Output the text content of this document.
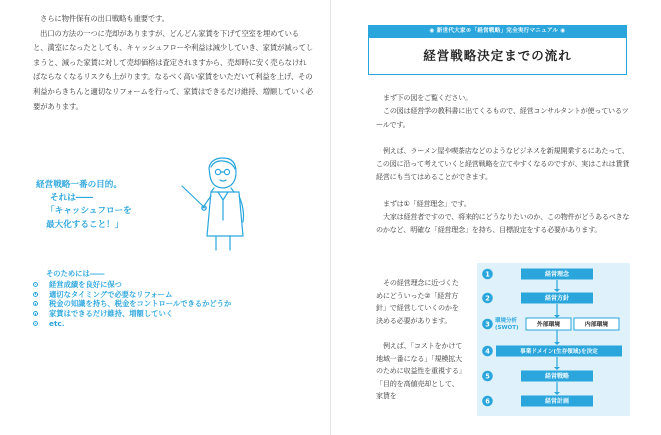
さらに物件保有の出口戦略も重要です。

出口の方法の一つに売却がありますが、どんどん家賃を下げて空室を埋めていると、満室になったとしても、キャッシュフローや利益は減少していき、家賃が減ってしまうと、減った家賃に対して売却価格は査定されますから、売却時に安く売らなければならなくなるリスクも上がります。なるべく高い家賃をいただいて利益を上げ、その利益からきちんと適切なリフォームを行って、家賃はできるだけ維持、増額していく必要があります。

経営戦略一番の目的。
それは――
「キャッシュフローを
最大化すること！」
そのためには――
経営成績を良好に保つ
適切なタイミングで必要なリフォーム
税金の知識を持ち、税金をコントロールできるかどうか
家賃はできるだけ維持、増額していく
etc.
◉ 新世代大家®「経営戦略」完全実行マニュアル ◉
経営戦略決定までの流れ

まず下の図をご覧ください。

この図は経営学の教科書に出てくるもので、経営コンサルタントが使っているツールです。

例えば、ラーメン屋や喫茶店などのようなビジネスを新規開業するにあたって、この図に沿って考えていくと経営戦略を立てやすくなるのですが、実はこれは賃貸経営にも当てはめることができます。

まずは①「経営理念」です。

大家は経営者ですので、将来的にどうなりたいのか、この物件がどうあるべきなのかなど、明確な「経営理念」を持ち、目標設定をする必要があります。

その経営理念に近づくためにどういった②「経営方針」で経営していくのかを決める必要があります。

例えば、「コストをかけて地域一番になる」「規模拡大のために収益性を重視する」「目的を高値売却として、家賃を

1	経営理念
2	経営方針
3 環境分析
(SWOT)
外部環境	内部環境
4	事業ドメイン(生存領域)を決定
5	経営戦略
6	経営計画
